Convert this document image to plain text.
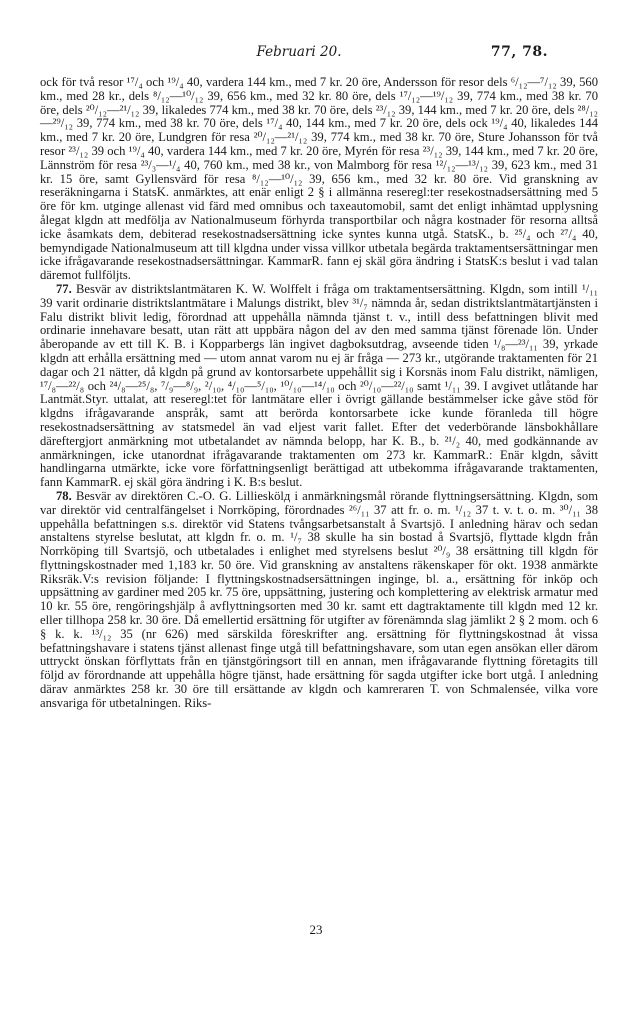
Februari 20.	77, 78.

ock för två resor ¹⁷/₄ och ¹⁹/₄ 40, vardera 144 km., med 7 kr. 20 öre, Andersson för resor dels ⁶/₁₂—⁷/₁₂ 39, 560 km., med 28 kr., dels ⁸/₁₂—¹⁰/₁₂ 39, 656 km., med 32 kr. 80 öre, dels ¹⁷/₁₂—¹⁹/₁₂ 39, 774 km., med 38 kr. 70 öre, dels ²⁰/₁₂—²¹/₁₂ 39, likaledes 774 km., med 38 kr. 70 öre, dels ²³/₁₂ 39, 144 km., med 7 kr. 20 öre, dels ²⁸/₁₂—²⁹/₁₂ 39, 774 km., med 38 kr. 70 öre, dels ¹⁷/₄ 40, 144 km., med 7 kr. 20 öre, dels ock ¹⁹/₄ 40, likaledes 144 km., med 7 kr. 20 öre, Lundgren för resa ²⁰/₁₂—²¹/₁₂ 39, 774 km., med 38 kr. 70 öre, Sture Johansson för två resor ²³/₁₂ 39 och ¹⁹/₄ 40, vardera 144 km., med 7 kr. 20 öre, Myrén för resa ²³/₁₂ 39, 144 km., med 7 kr. 20 öre, Lännström för resa ²³/₃—¹/₄ 40, 760 km., med 38 kr., von Malmborg för resa ¹²/₁₂—¹³/₁₂ 39, 623 km., med 31 kr. 15 öre, samt Gyllensvärd för resa ⁸/₁₂—¹⁰/₁₂ 39, 656 km., med 32 kr. 80 öre. Vid granskning av reseräkningarna i StatsK. anmärktes, att enär enligt 2 § i allmänna reseregl:ter resekostnadsersättning med 5 öre för km. utginge allenast vid färd med omnibus och taxeautomobil, samt det enligt inhämtad upplysning ålegat klgdn att medfölja av Nationalmuseum förhyrda transportbilar och några kostnader för resorna alltså icke åsamkats dem, debiterad resekostnadsersättning icke syntes kunna utgå. StatsK., b. ²⁵/₄ och ²⁷/₄ 40, bemyndigade Nationalmuseum att till klgdna under vissa villkor utbetala begärda traktamentsersättningar men icke ifrågavarande resekostnadsersättningar. KammarR. fann ej skäl göra ändring i StatsK:s beslut i vad talan däremot fullföljts.

77. Besvär av distriktslantmätaren K. W. Wolffelt i fråga om traktamentsersättning. Klgdn, som intill ¹/₁₁ 39 varit ordinarie distriktslantmätare i Malungs distrikt, blev ³¹/₇ nämnda år, sedan distriktslantmätartjänsten i Falu distrikt blivit ledig, förordnad att uppehålla nämnda tjänst t. v., intill dess befattningen blivit med ordinarie innehavare besatt, utan rätt att uppbära någon del av den med samma tjänst förenade lön. Under åberopande av ett till K. B. i Kopparbergs län ingivet dagboksutdrag, avseende tiden ¹/₈—²³/₁₁ 39, yrkade klgdn att erhålla ersättning med — utom annat varom nu ej är fråga — 273 kr., utgörande traktamenten för 21 dagar och 21 nätter, då klgdn på grund av kontorsarbete uppehållit sig i Korsnäs inom Falu distrikt, nämligen, ¹⁷/₈—²²/₈ och ²⁴/₈—²⁵/₈, ⁷/₉—⁸/₉, ²/₁₀, ⁴/₁₀—⁵/₁₀, ¹⁰/₁₀—¹⁴/₁₀ och ²⁰/₁₀—²²/₁₀ samt ¹/₁₁ 39. I avgivet utlåtande har Lantmät.Styr. uttalat, att reseregl:tet för lantmätare eller i övrigt gällande bestämmelser icke gåve stöd för klgdns ifrågavarande anspråk, samt att berörda kontorsarbete icke kunde föranleda till högre resekostnadsersättning av statsmedel än vad eljest varit fallet. Efter det vederbörande länsbokhållare däreftergjort anmärkning mot utbetalandet av nämnda belopp, har K. B., b. ²¹/₂ 40, med godkännande av anmärkningen, icke utanordnat ifrågavarande traktamenten om 273 kr. KammarR.: Enär klgdn, såvitt handlingarna utmärkte, icke vore författningsenligt berättigad att utbekomma ifrågavarande traktamenten, fann KammarR. ej skäl göra ändring i K. B:s beslut.

78. Besvär av direktören C.-O. G. Lillieskölд i anmärkningsmål rörande flyttningsersättning. Klgdn, som var direktör vid centralfängelset i Norrköping, förordnades ²⁶/₁₁ 37 att fr. o. m. ¹/₁₂ 37 t. v. t. o. m. ³⁰/₁₁ 38 uppehålla befattningen s.s. direktör vid Statens tvångsarbetsanstalt å Svartsjö. I anledning härav och sedan anstaltens styrelse beslutat, att klgdn fr. o. m. ¹/₇ 38 skulle ha sin bostad å Svartsjö, flyttade klgdn från Norrköping till Svartsjö, och utbetalades i enlighet med styrelsens beslut ²⁰/₉ 38 ersättning till klgdn för flyttningskostnader med 1,183 kr. 50 öre. Vid granskning av anstaltens räkenskaper för okt. 1938 anmärkte Riksräk.V:s revision följande: I flyttningskostnadsersättningen inginge, bl. a., ersättning för inköp och uppsättning av gardiner med 205 kr. 75 öre, uppsättning, justering och komplettering av elektrisk armatur med 10 kr. 55 öre, rengöringshjälp å avflyttningsorten med 30 kr. samt ett dagtraktamente till klgdn med 12 kr. eller tillhopa 258 kr. 30 öre. Då emellertid ersättning för utgifter av förenämnda slag jämlikt 2 § 2 mom. och 6 § k. k. ¹³/₁₂ 35 (nr 626) med särskilda föreskrifter ang. ersättning för flyttningskostnad åt vissa befattningshavare i statens tjänst allenast finge utgå till befattningshavare, som utan egen ansökan eller därom uttryckt önskan förflyttats från en tjänstgöringsort till en annan, men ifrågavarande flyttning företagits till följd av förordnande att uppehålla högre tjänst, hade ersättning för sagda utgifter icke bort utgå. I anledning därav anmärktes 258 kr. 30 öre till ersättande av klgdn och kamreraren T. von Schmalensée, vilka vore ansvariga för utbetalningen. Riks-

23
